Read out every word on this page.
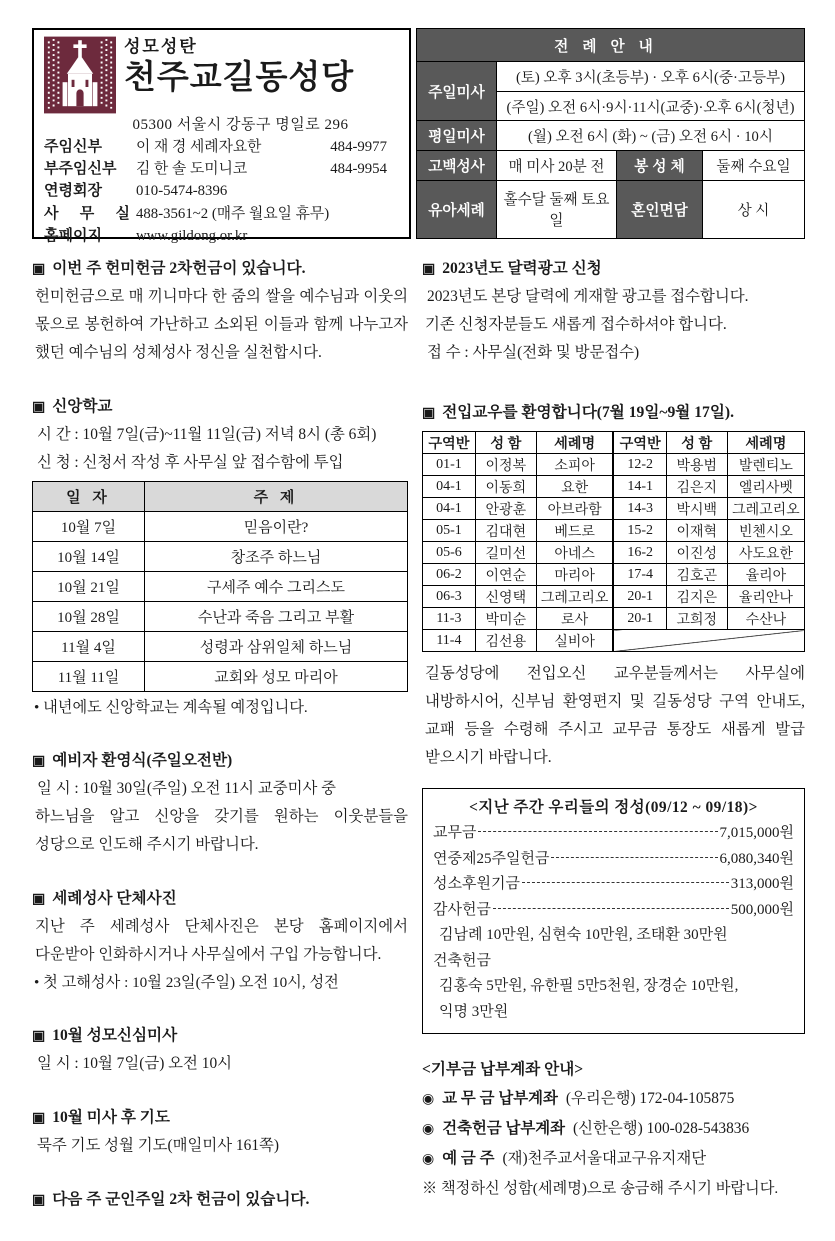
성모성탄
천주교길동성당
05300 서울시 강동구 명일로 296
주임신부	이 재 경 세례자요한	484-9977
부주임신부	김 한 솔 도미니코	484-9954
연령회장	010-5474-8396
사 무 실 488-3561~2 (매주 월요일 휴무)
홈페이지	www.gildong.or.kr
전례안내			
주일미사	(토) 오후 3시(초등부) · 오후 6시(중·고등부)		
	(주일) 오전 6시·9시·11시(교중)·오후 6시(청년)		
평일미사	(월) 오전 6시 (화) ~ (금) 오전 6시 · 10시		
고백성사	매 미사 20분 전	봉 성 체	둘째 수요일
유아세례	홀수달 둘째 토요일	혼인면담	상 시
▣ 이번 주 헌미헌금 2차헌금이 있습니다.
헌미헌금으로 매 끼니마다 한 줌의 쌀을 예수님과 이웃의 몫으로 봉헌하여 가난하고 소외된 이들과 함께 나누고자 했던 예수님의 성체성사 정신을 실천합시다.
▣ 신앙학교
시 간 : 10월 7일(금)~11월 11일(금) 저녁 8시 (총 6회)
신 청 : 신청서 작성 후 사무실 앞 접수함에 투입
일 자	주 제
10월 7일	믿음이란?
10월 14일	창조주 하느님
10월 21일	구세주 예수 그리스도
10월 28일	수난과 죽음 그리고 부활
11월 4일	성령과 삼위일체 하느님
11월 11일	교회와 성모 마리아
• 내년에도 신앙학교는 계속될 예정입니다.
▣ 예비자 환영식(주일오전반)
일 시 : 10월 30일(주일) 오전 11시 교중미사 중
하느님을 알고 신앙을 갖기를 원하는 이웃분들을 성당으로 인도해 주시기 바랍니다.
▣ 세례성사 단체사진
지난 주 세례성사 단체사진은 본당 홈페이지에서 다운받아 인화하시거나 사무실에서 구입 가능합니다.
• 첫 고해성사 : 10월 23일(주일) 오전 10시, 성전
▣ 10월 성모신심미사
일 시 : 10월 7일(금) 오전 10시
▣ 10월 미사 후 기도
묵주 기도 성월 기도(매일미사 161쪽)
▣ 다음 주 군인주일 2차 헌금이 있습니다.
▣ 2023년도 달력광고 신청
2023년도 본당 달력에 게재할 광고를 접수합니다.
기존 신청자분들도 새롭게 접수하셔야 합니다.
접 수 : 사무실(전화 및 방문접수)
▣ 전입교우를 환영합니다(7월 19일~9월 17일).
구역반	성 함	세례명	구역반	성 함	세례명
01-1	이정복	소피아	12-2	박용범	발렌티노
04-1	이동희	요한	14-1	김은지	엘리사벳
04-1	안광훈	아브라함	14-3	박시백	그레고리오
05-1	김대현	베드로	15-2	이재혁	빈첸시오
05-6	길미선	아네스	16-2	이진성	사도요한
06-2	이연순	마리아	17-4	김호곤	율리아
06-3	신영택	그레고리오	20-1	김지은	율리안나
11-3	박미순	로사	20-1	고희정	수산나
11-4	김선용	실비아			
길동성당에 전입오신 교우분들께서는 사무실에 내방하시어, 신부님 환영편지 및 길동성당 구역 안내도, 교패 등을 수령해 주시고 교무금 통장도 새롭게 발급 받으시기 바랍니다.
<지난 주간 우리들의 정성(09/12 ~ 09/18)>
교무금	7,015,000원
연중제25주일헌금	6,080,340원
성소후원기금	313,000원
감사헌금	500,000원
김남례 10만원, 심현숙 10만원, 조태환 30만원
건축헌금
김홍숙 5만원, 유한필 5만5천원, 장경순 10만원,
익명 3만원
<기부금 납부계좌 안내>
◉ 교 무 금 납부계좌 (우리은행) 172-04-105875
◉ 건축헌금 납부계좌 (신한은행) 100-028-543836
◉ 예 금 주 (재)천주교서울대교구유지재단
※ 책정하신 성함(세례명)으로 송금해 주시기 바랍니다.
